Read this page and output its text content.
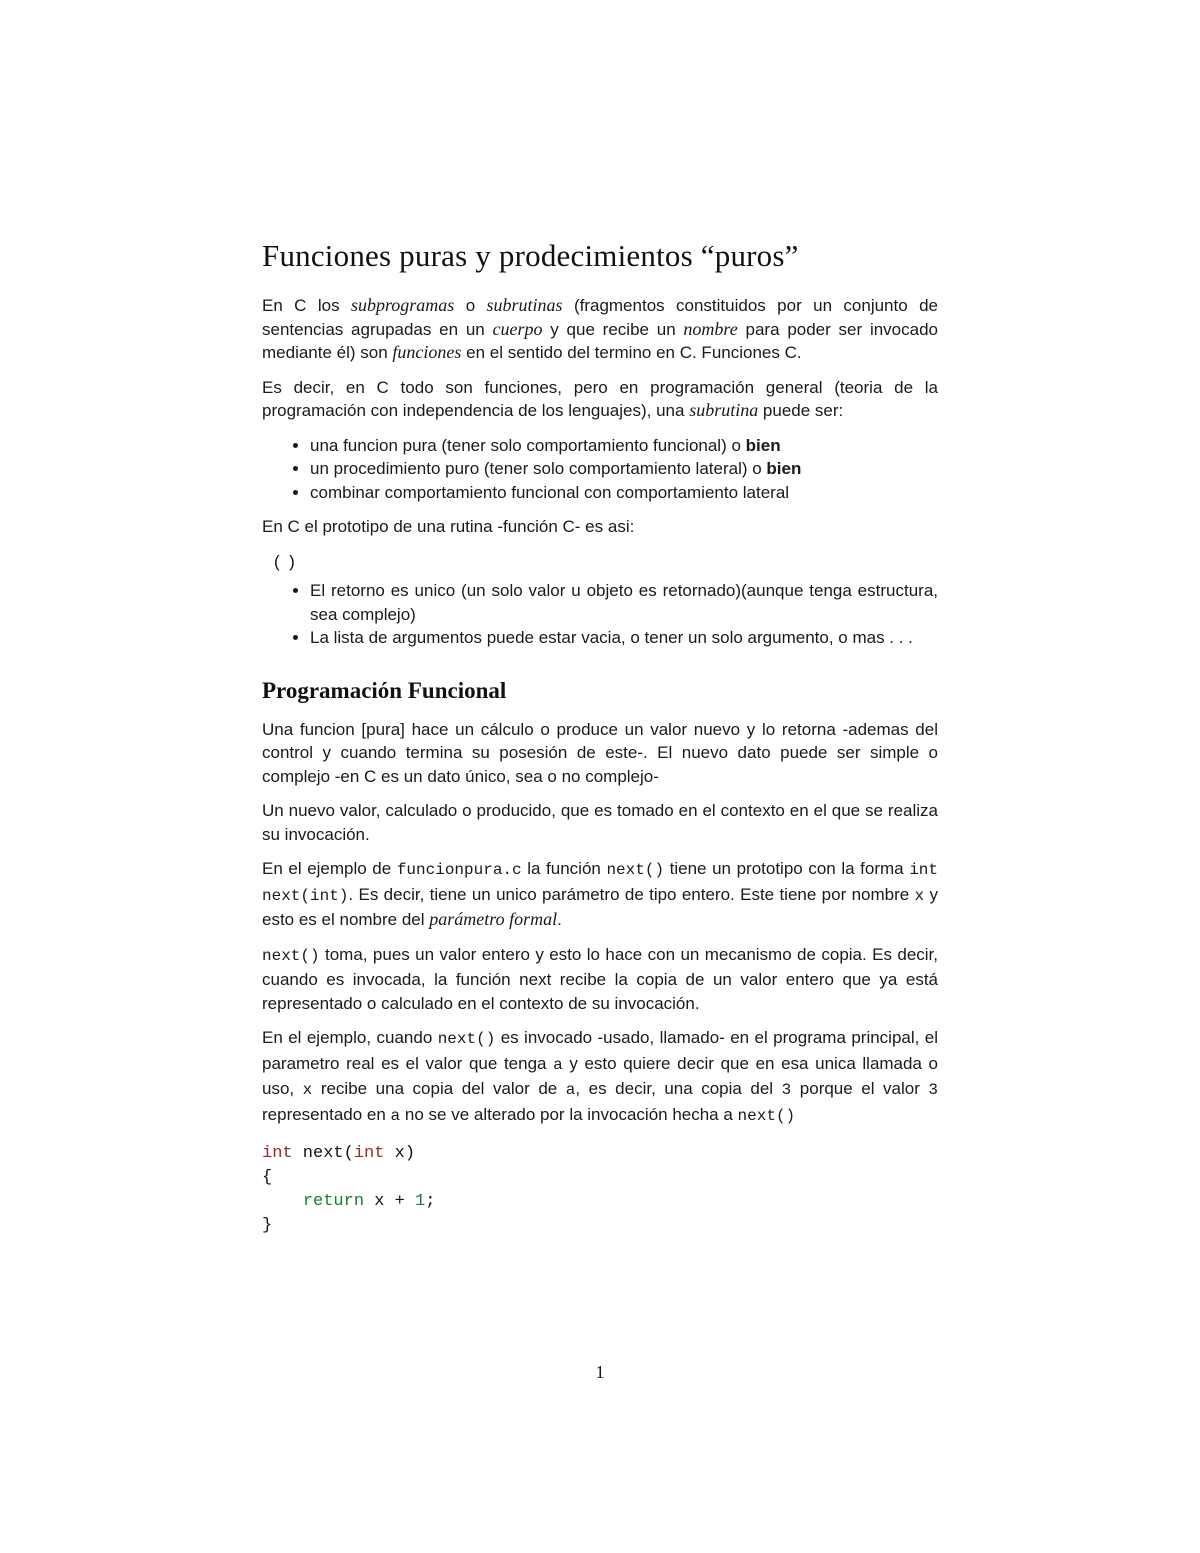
Funciones puras y prodecimientos “puros”

En C los subprogramas o subrutinas (fragmentos constituidos por un conjunto de sentencias agrupadas en un cuerpo y que recibe un nombre para poder ser invocado mediante él) son funciones en el sentido del termino en C. Funciones C.

Es decir, en C todo son funciones, pero en programación general (teoria de la programación con independencia de los lenguajes), una subrutina puede ser:

• una funcion pura (tener solo comportamiento funcional) o bien
• un procedimiento puro (tener solo comportamiento lateral) o bien
• combinar comportamiento funcional con comportamiento lateral

En C el prototipo de una rutina -función C- es asi:

(  )
• El retorno es unico (un solo valor u objeto es retornado)(aunque tenga estructura, sea complejo)
• La lista de argumentos puede estar vacia, o tener un solo argumento, o mas . . .
Programación Funcional

Una funcion [pura] hace un cálculo o produce un valor nuevo y lo retorna -ademas del control y cuando termina su posesión de este-. El nuevo dato puede ser simple o complejo -en C es un dato único, sea o no complejo-

Un nuevo valor, calculado o producido, que es tomado en el contexto en el que se realiza su invocación.

En el ejemplo de funcionpura.c la función next() tiene un prototipo con la forma int next(int). Es decir, tiene un unico parámetro de tipo entero. Este tiene por nombre x y esto es el nombre del parámetro formal.

next() toma, pues un valor entero y esto lo hace con un mecanismo de copia. Es decir, cuando es invocada, la función next recibe la copia de un valor entero que ya está representado o calculado en el contexto de su invocación.

En el ejemplo, cuando next() es invocado -usado, llamado- en el programa principal, el parametro real es el valor que tenga a y esto quiere decir que en esa unica llamada o uso, x recibe una copia del valor de a, es decir, una copia del 3 porque el valor 3 representado en a no se ve alterado por la invocación hecha a next()

int next(int x)
{
return x + 1;
}
1
